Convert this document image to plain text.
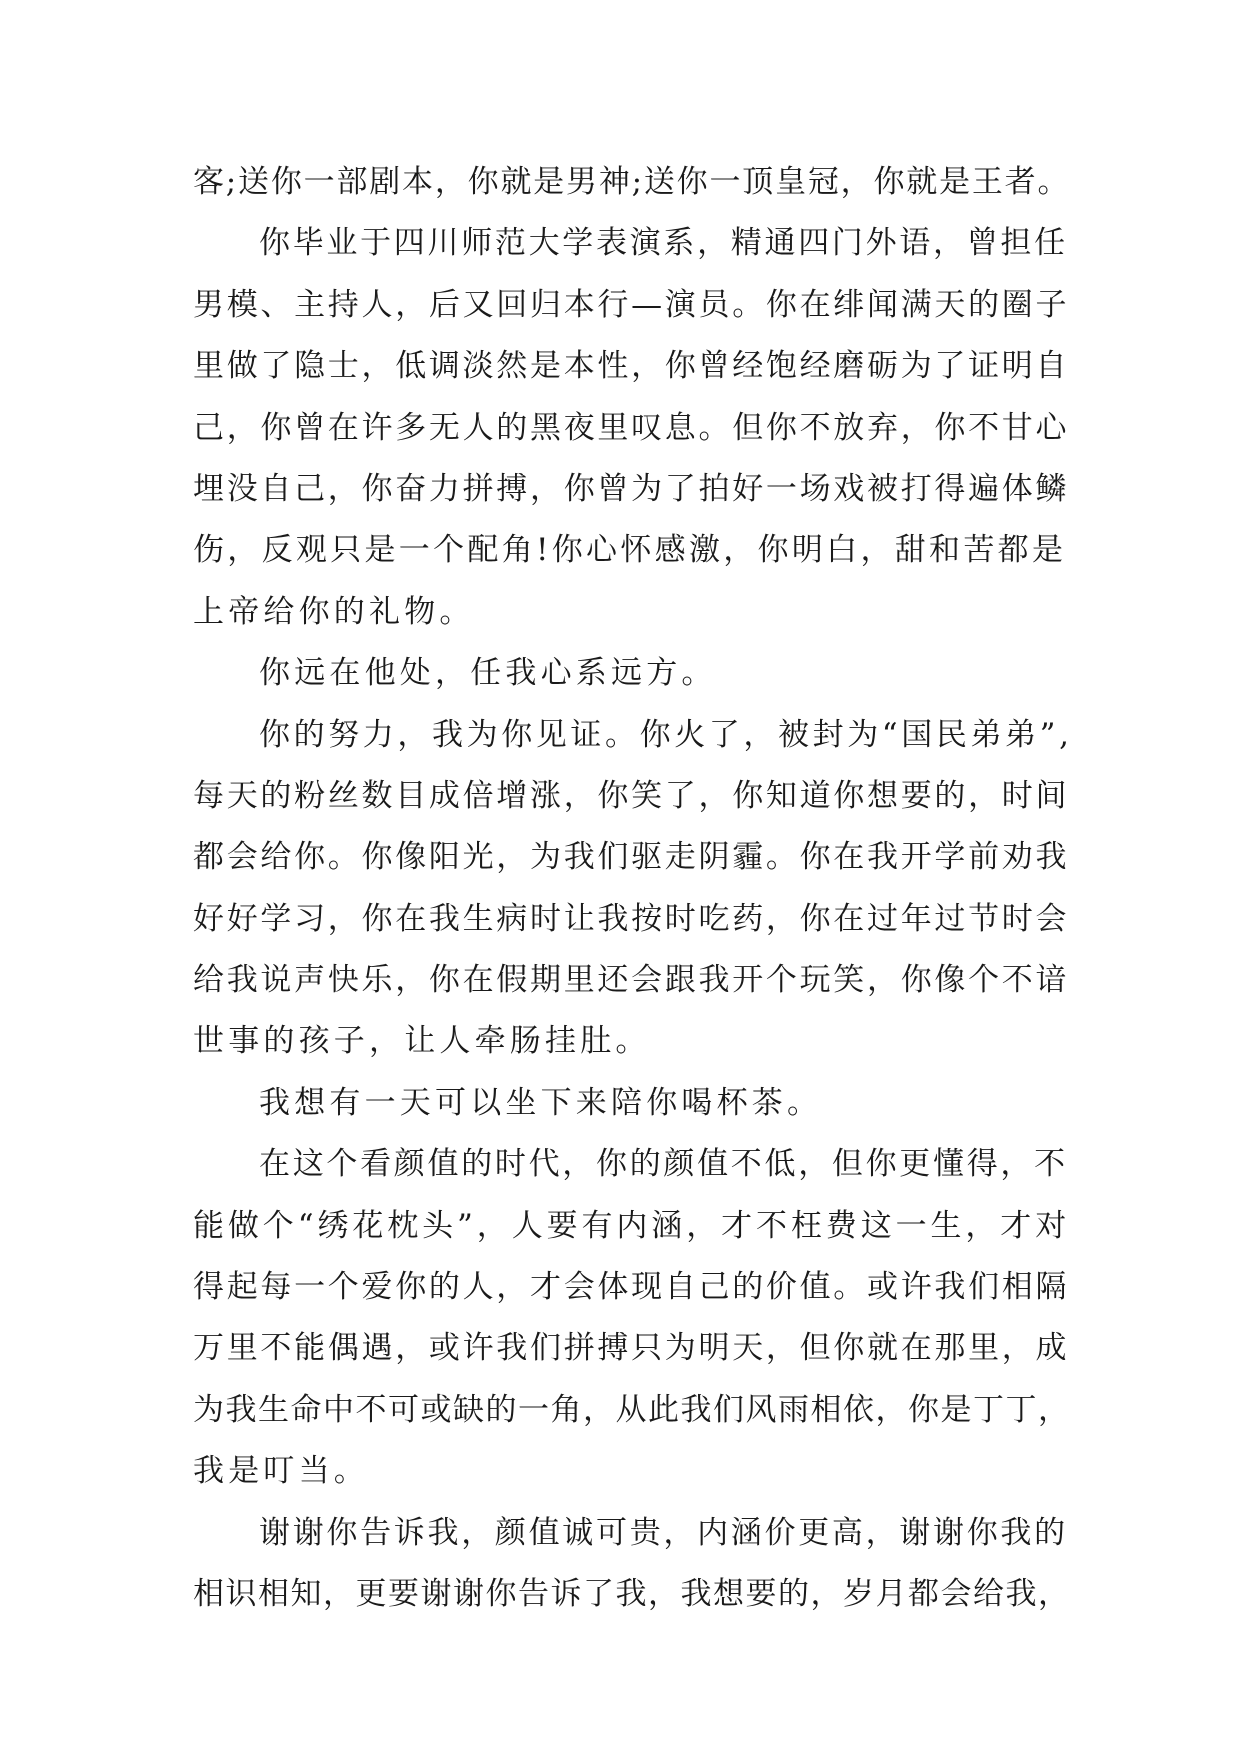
客;送你一部剧本，你就是男神;送你一顶皇冠，你就是王者。
你毕业于四川师范大学表演系，精通四门外语，曾担任
男模、主持人，后又回归本行—演员。你在绯闻满天的圈子
里做了隐士，低调淡然是本性，你曾经饱经磨砺为了证明自
己，你曾在许多无人的黑夜里叹息。但你不放弃，你不甘心
埋没自己，你奋力拼搏，你曾为了拍好一场戏被打得遍体鳞
伤，反观只是一个配角!你心怀感激，你明白，甜和苦都是
上帝给你的礼物。
你远在他处，任我心系远方。
你的努力，我为你见证。你火了，被封为“国民弟弟”,
每天的粉丝数目成倍增涨，你笑了，你知道你想要的，时间
都会给你。你像阳光，为我们驱走阴霾。你在我开学前劝我
好好学习，你在我生病时让我按时吃药，你在过年过节时会
给我说声快乐，你在假期里还会跟我开个玩笑，你像个不谙
世事的孩子，让人牵肠挂肚。
我想有一天可以坐下来陪你喝杯茶。
在这个看颜值的时代，你的颜值不低，但你更懂得，不
能做个“绣花枕头”，人要有内涵，才不枉费这一生，才对
得起每一个爱你的人，才会体现自己的价值。或许我们相隔
万里不能偶遇，或许我们拼搏只为明天，但你就在那里，成
为我生命中不可或缺的一角，从此我们风雨相依，你是丁丁，
我是叮当。
谢谢你告诉我，颜值诚可贵，内涵价更高，谢谢你我的
相识相知，更要谢谢你告诉了我，我想要的，岁月都会给我，
